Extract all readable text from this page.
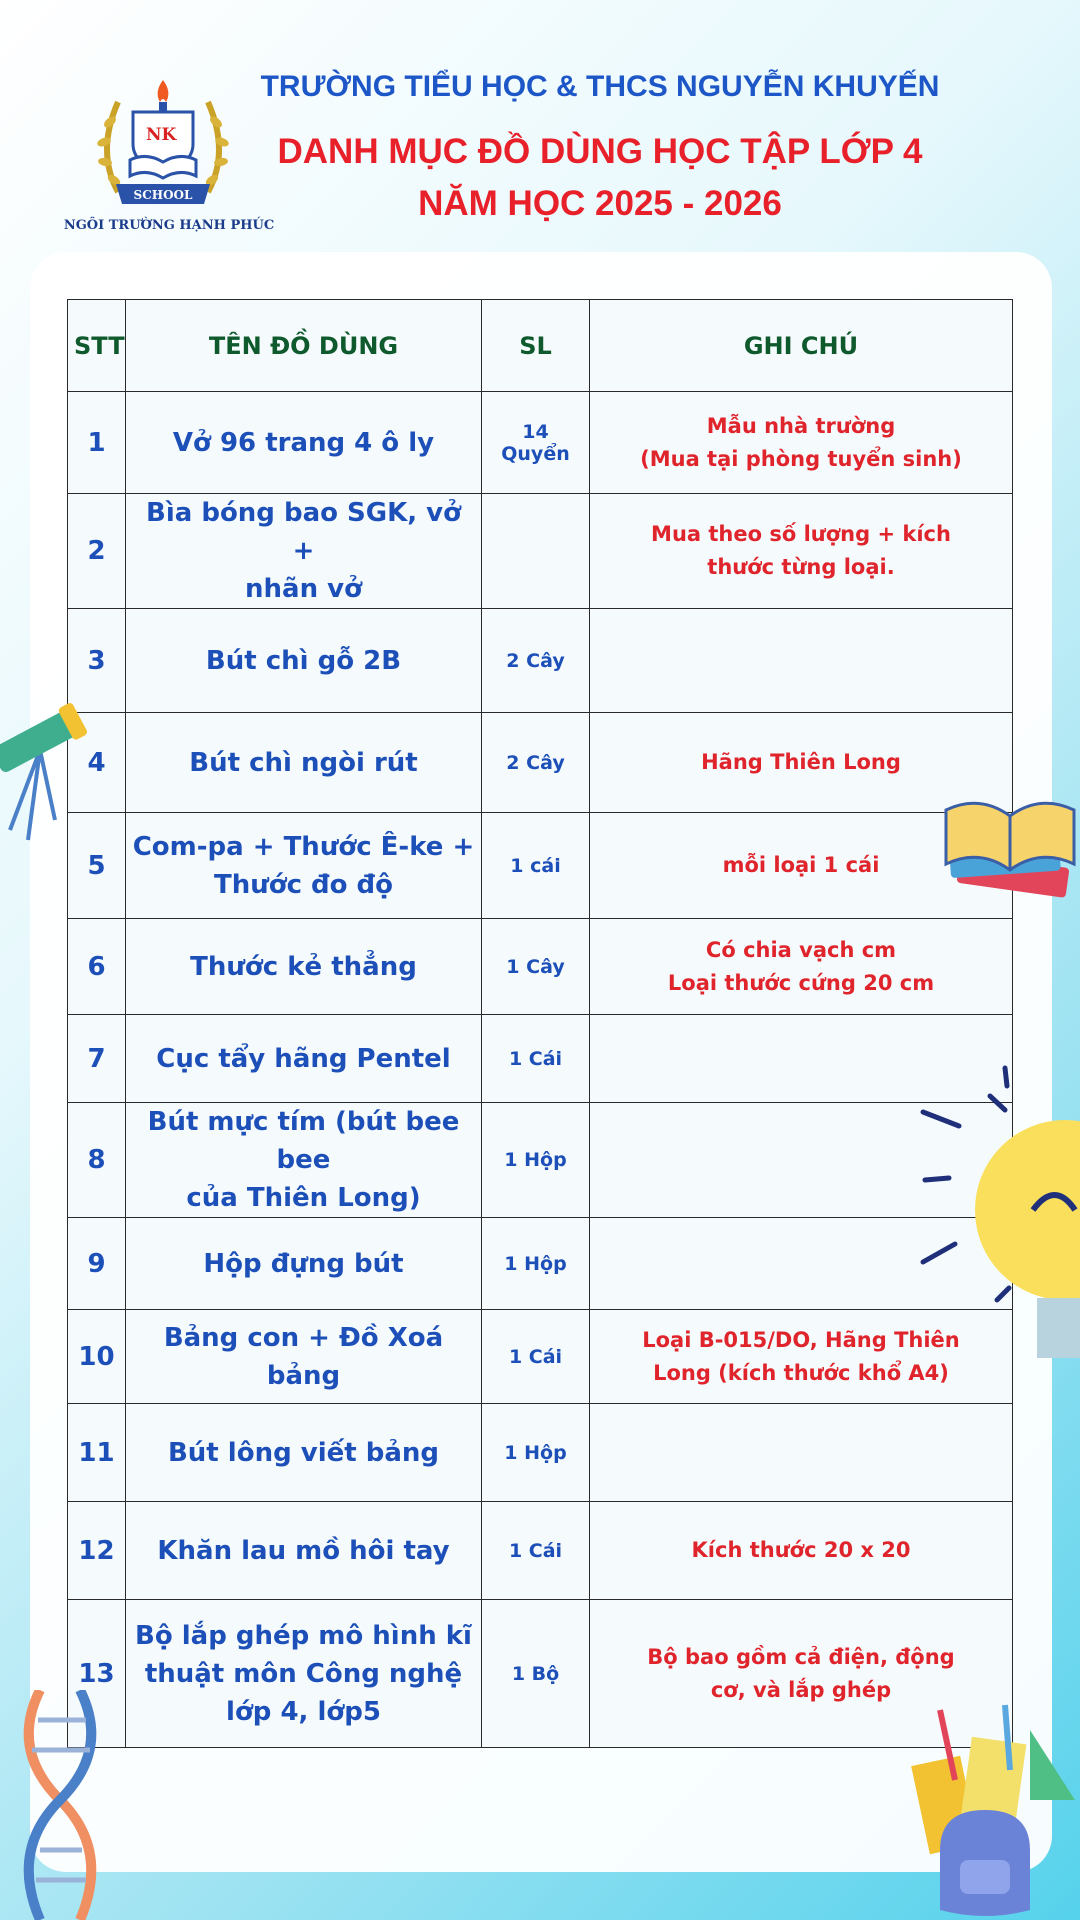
NK
SCHOOL
NGÔI TRƯỜNG HẠNH PHÚC
TRƯỜNG TIỂU HỌC & THCS NGUYỄN KHUYẾN
DANH MỤC ĐỒ DÙNG HỌC TẬP LỚP 4
NĂM HỌC 2025 - 2026
STT	TÊN ĐỒ DÙNG	SL	GHI CHÚ
1	Vở 96 trang 4 ô ly	14 Quyển	Mẫu nhà trường
(Mua tại phòng tuyển sinh)
2	Bìa bóng bao SGK, vở +
nhãn vở		Mua theo số lượng + kích
thước từng loại.
3	Bút chì gỗ 2B	2 Cây	
4	Bút chì ngòi rút	2 Cây	Hãng Thiên Long
5	Com-pa + Thước Ê-ke +
Thước đo độ	1 cái	mỗi loại 1 cái
6	Thước kẻ thẳng	1 Cây	Có chia vạch cm
Loại thước cứng 20 cm
7	Cục tẩy hãng Pentel	1 Cái	
8	Bút mực tím (bút bee bee
của Thiên Long)	1 Hộp	
9	Hộp đựng bút	1 Hộp	
10	Bảng con + Đồ Xoá bảng	1 Cái	Loại B-015/DO, Hãng Thiên
Long (kích thước khổ A4)
11	Bút lông viết bảng	1 Hộp	
12	Khăn lau mồ hôi tay	1 Cái	Kích thước 20 x 20
13	Bộ lắp ghép mô hình kĩ
thuật môn Công nghệ
lớp 4, lớp5	1 Bộ	Bộ bao gồm cả điện, động
cơ, và lắp ghép
